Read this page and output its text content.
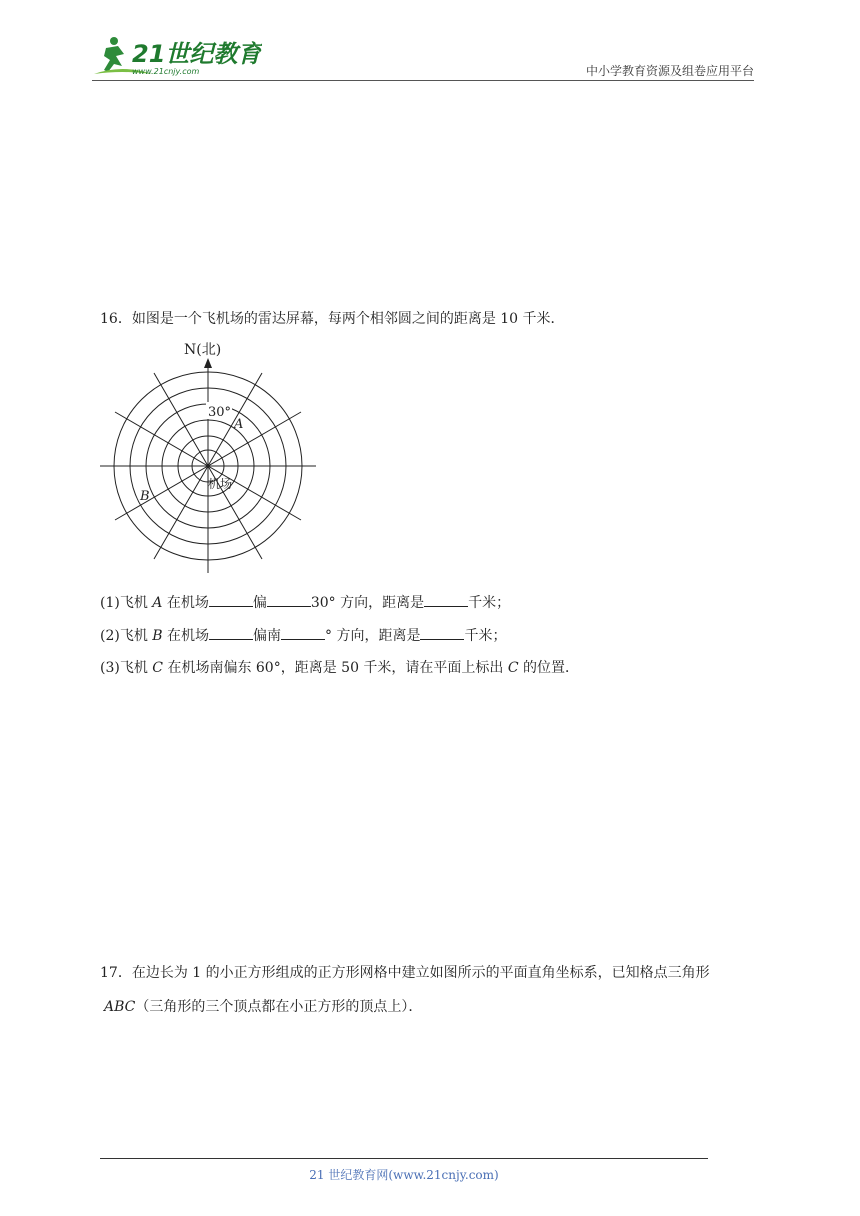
21世纪教育
www.21cnjy.com	中小学教育资源及组卷应用平台
16．如图是一个飞机场的雷达屏幕，每两个相邻圆之间的距离是 10 千米．
N(北)
30°
A
B
机场
(1)飞机 A 在机场	偏	30° 方向，距离是	千米；
(2)飞机 B 在机场	偏南	° 方向，距离是	千米；
(3)飞机 C 在机场南偏东 60°，距离是 50 千米，请在平面上标出 C 的位置．
17．在边长为 1 的小正方形组成的正方形网格中建立如图所示的平面直角坐标系，已知格点三角形
ABC（三角形的三个顶点都在小正方形的顶点上）．
21 世纪教育网(www.21cnjy.com)
